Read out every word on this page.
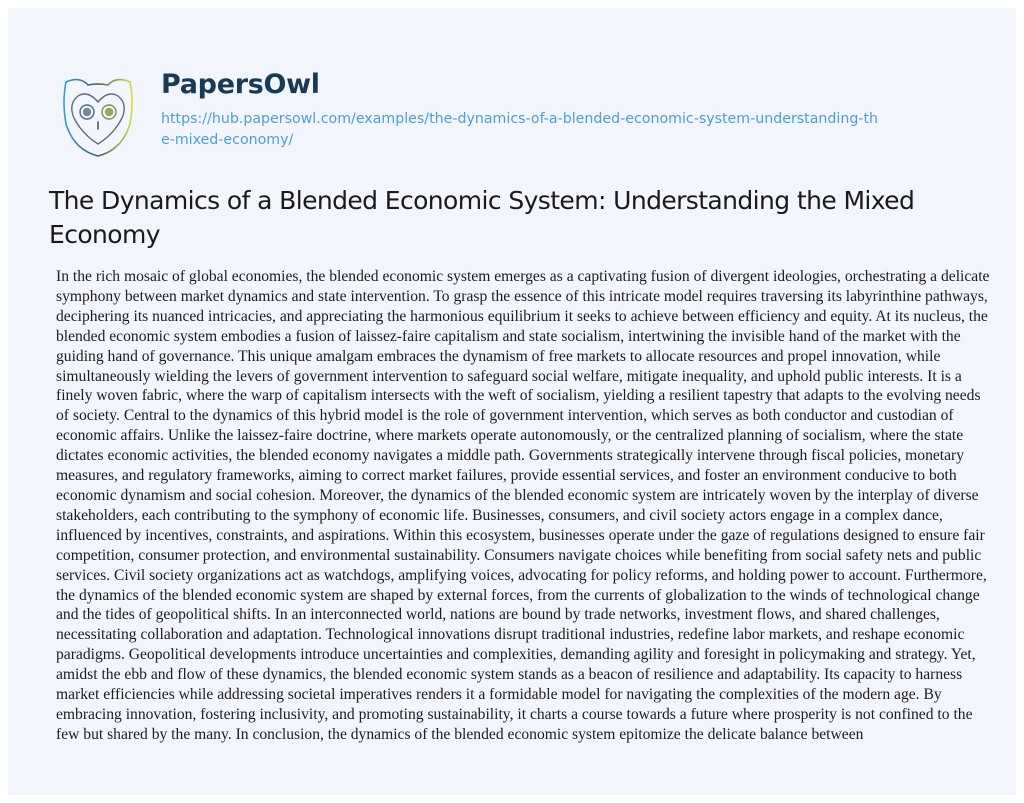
PapersOwl
https://hub.papersowl.com/examples/the-dynamics-of-a-blended-economic-system-understanding-the-mixed-economy/
The Dynamics of a Blended Economic System: Understanding the Mixed Economy

In the rich mosaic of global economies, the blended economic system emerges as a captivating fusion of divergent ideologies, orchestrating a delicate symphony between market dynamics and state intervention. To grasp the essence of this intricate model requires traversing its labyrinthine pathways, deciphering its nuanced intricacies, and appreciating the harmonious equilibrium it seeks to achieve between efficiency and equity. At its nucleus, the blended economic system embodies a fusion of laissez-faire capitalism and state socialism, intertwining the invisible hand of the market with the guiding hand of governance. This unique amalgam embraces the dynamism of free markets to allocate resources and propel innovation, while simultaneously wielding the levers of government intervention to safeguard social welfare, mitigate inequality, and uphold public interests. It is a finely woven fabric, where the warp of capitalism intersects with the weft of socialism, yielding a resilient tapestry that adapts to the evolving needs of society. Central to the dynamics of this hybrid model is the role of government intervention, which serves as both conductor and custodian of economic affairs. Unlike the laissez-faire doctrine, where markets operate autonomously, or the centralized planning of socialism, where the state dictates economic activities, the blended economy navigates a middle path. Governments strategically intervene through fiscal policies, monetary measures, and regulatory frameworks, aiming to correct market failures, provide essential services, and foster an environment conducive to both economic dynamism and social cohesion. Moreover, the dynamics of the blended economic system are intricately woven by the interplay of diverse stakeholders, each contributing to the symphony of economic life. Businesses, consumers, and civil society actors engage in a complex dance, influenced by incentives, constraints, and aspirations. Within this ecosystem, businesses operate under the gaze of regulations designed to ensure fair competition, consumer protection, and environmental sustainability. Consumers navigate choices while benefiting from social safety nets and public services. Civil society organizations act as watchdogs, amplifying voices, advocating for policy reforms, and holding power to account. Furthermore, the dynamics of the blended economic system are shaped by external forces, from the currents of globalization to the winds of technological change and the tides of geopolitical shifts. In an interconnected world, nations are bound by trade networks, investment flows, and shared challenges, necessitating collaboration and adaptation. Technological innovations disrupt traditional industries, redefine labor markets, and reshape economic paradigms. Geopolitical developments introduce uncertainties and complexities, demanding agility and foresight in policymaking and strategy. Yet, amidst the ebb and flow of these dynamics, the blended economic system stands as a beacon of resilience and adaptability. Its capacity to harness market efficiencies while addressing societal imperatives renders it a formidable model for navigating the complexities of the modern age. By embracing innovation, fostering inclusivity, and promoting sustainability, it charts a course towards a future where prosperity is not confined to the few but shared by the many. In conclusion, the dynamics of the blended economic system epitomize the delicate balance between
